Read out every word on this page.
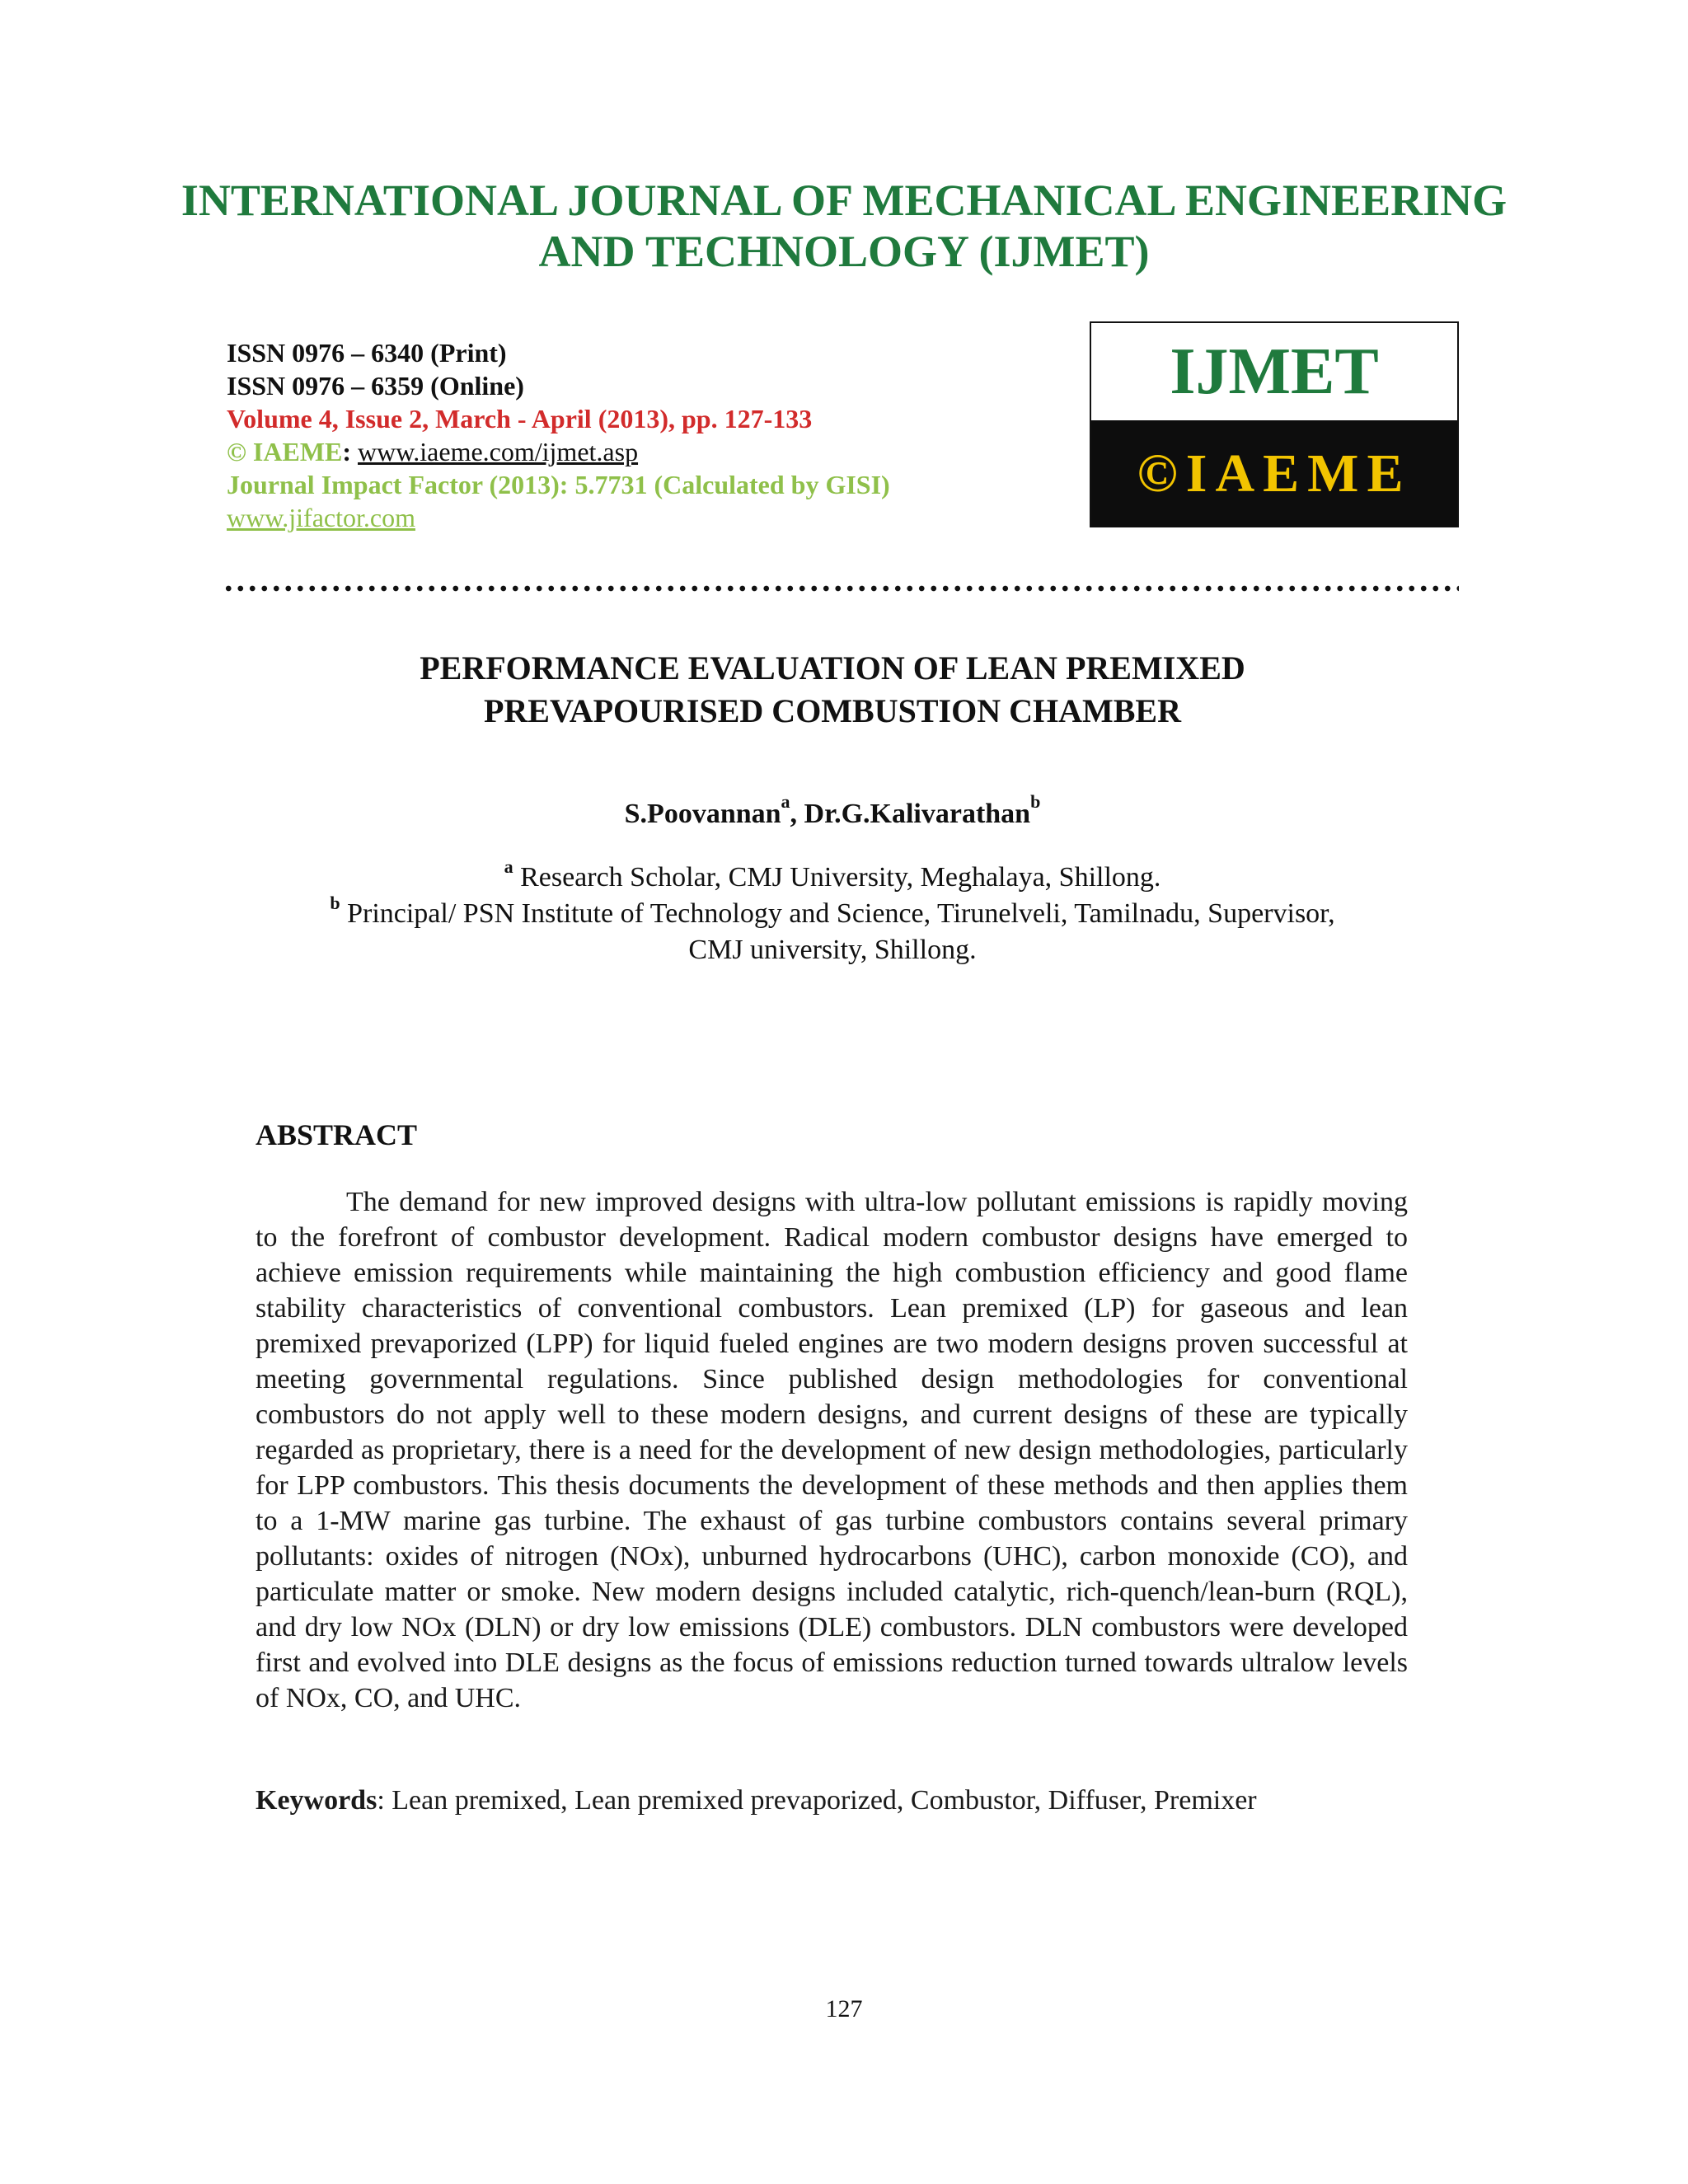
INTERNATIONAL JOURNAL OF MECHANICAL ENGINEERING
AND TECHNOLOGY (IJMET)
ISSN 0976 – 6340 (Print)
ISSN 0976 – 6359 (Online)
Volume 4, Issue 2, March - April (2013), pp. 127-133
© IAEME: www.iaeme.com/ijmet.asp
Journal Impact Factor (2013): 5.7731 (Calculated by GISI)
www.jifactor.com
IJMET
©IAEME
PERFORMANCE EVALUATION OF LEAN PREMIXED
PREVAPOURISED COMBUSTION CHAMBER
S.Poovannan$^a$, Dr.G.Kalivarathan$^b$
$^a$ Research Scholar, CMJ University, Meghalaya, Shillong.
$^b$ Principal/ PSN Institute of Technology and Science, Tirunelveli, Tamilnadu, Supervisor,
CMJ university, Shillong.
ABSTRACT

The demand for new improved designs with ultra-low pollutant emissions is rapidly moving to the forefront of combustor development. Radical modern combustor designs have emerged to achieve emission requirements while maintaining the high combustion efficiency and good flame stability characteristics of conventional combustors. Lean premixed (LP) for gaseous and lean premixed prevaporized (LPP) for liquid fueled engines are two modern designs proven successful at meeting governmental regulations. Since published design methodologies for conventional combustors do not apply well to these modern designs, and current designs of these are typically regarded as proprietary, there is a need for the development of new design methodologies, particularly for LPP combustors. This thesis documents the development of these methods and then applies them to a 1-MW marine gas turbine. The exhaust of gas turbine combustors contains several primary pollutants: oxides of nitrogen (NOx), unburned hydrocarbons (UHC), carbon monoxide (CO), and particulate matter or smoke. New modern designs included catalytic, rich-quench/lean-burn (RQL), and dry low NOx (DLN) or dry low emissions (DLE) combustors. DLN combustors were developed first and evolved into DLE designs as the focus of emissions reduction turned towards ultralow levels of NOx, CO, and UHC.

Keywords: Lean premixed, Lean premixed prevaporized, Combustor, Diffuser, Premixer
127
